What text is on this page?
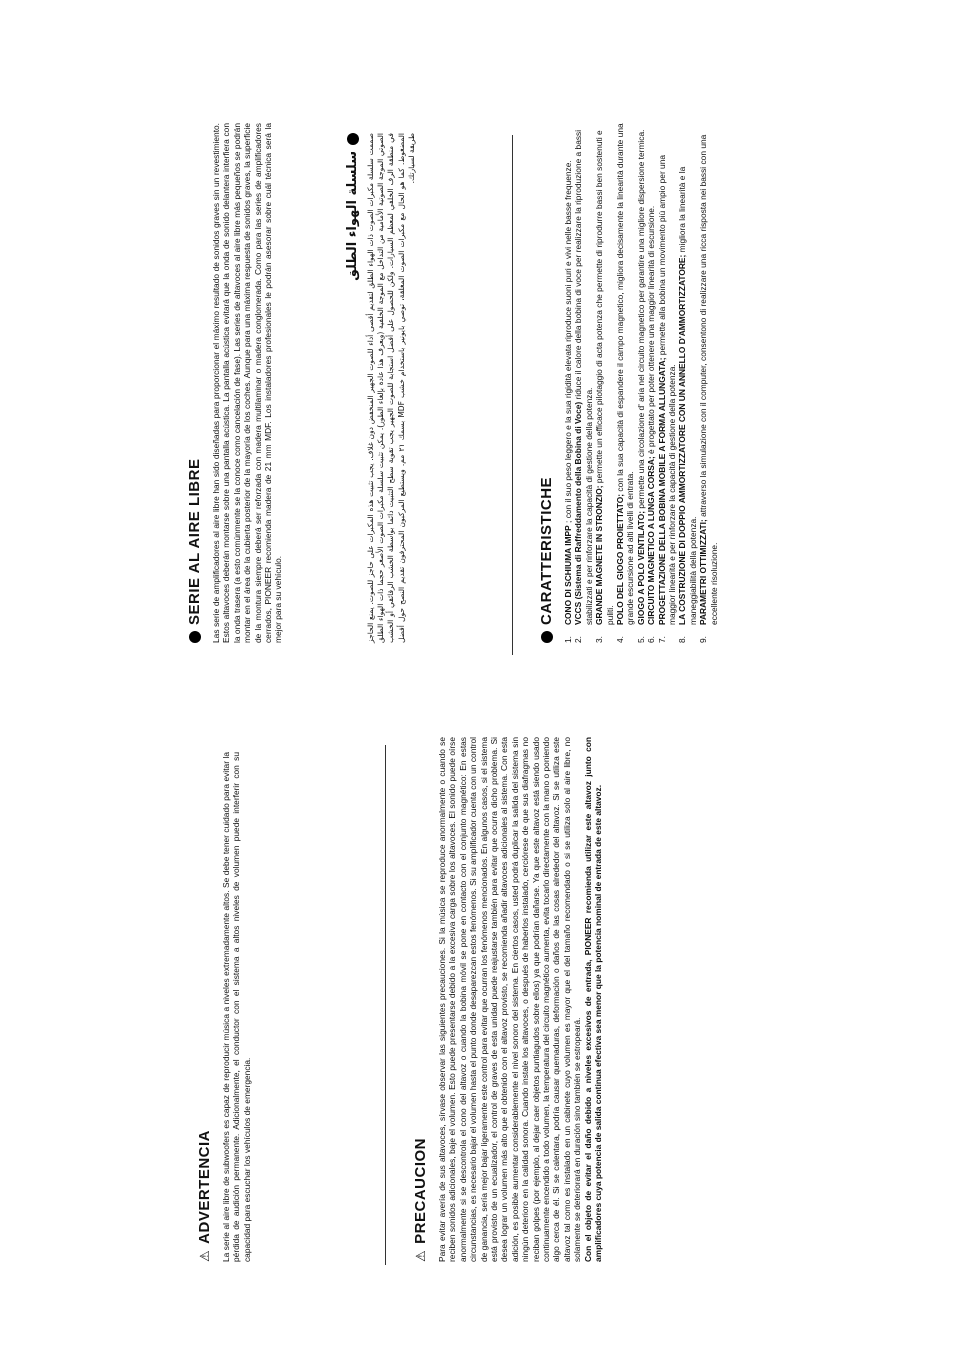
⚠
ADVERTENCIA La serie al aire libre de subwoofers es capaz de reproducir música a niveles extremadamente altos. Se debe tener cuidado para evitar la pérdida de audición permanente. Adicionalmente, el conductor con el sistema a altos niveles de volumen puede interferir con su capacidad para escuchar los vehículos de emergencia.	⚠
PRECAUCION Para evitar avería de sus altavoces, sírvase observar las siguientes precauciones. Si la música se reproduce anormalmente o cuando se reciben sonidos adicionales, baje el volumen. Esto puede presentarse debido a la excesiva carga sobre los altavoces. El sonido puede oírse anormalmente si se descontrola el cono del altavoz o cuando la bobina móvil se pone en contacto con el conjunto magnético: En estas circunstancias, es necesario bajar el volumen hasta el punto donde desaparezcan estos fenómenos. Si su amplificador cuenta con un control de ganancia, sería mejor bajar ligeramente este control para evitar que ocurran los fenómenos mencionados. En algunos casos, si el sistema está provisto de un ecualizador, el control de graves de esta unidad puede reajustarse también para evitar que ocurra dicho problema. Si desea lograr un volumen más alto que el obtenido con el altavoz provisto, se recomienda añadir altavoces adicionales al sistema. Con esta adición, es posible aumentar considerablemente el nivel sonoro del sistema. En ciertos casos, usted podrá duplicar la salida del sistema sin ningún deterioro en la calidad sonora. Cuando instale los altavoces, o después de haberlos instalado, cerciórese de que sus diafragmas no reciban golpes (por ejemplo, al dejar caer objetos puntiagudos sobre ellos) ya que podrían dañarse. Ya que este altavoz está siendo usado continuamente encendido a todo volumen, la temperatura del circuito magnético aumenta, evita tocarlo directamente con la mano o poniendo algo cerca de él. Si se calentara, podría causar quemaduras, deformación o daños de las cosas alrededor del altavoz. Si se utiliza este altavoz tal como es instalado en un cabinete cuyo volumen es mayor que el del tamaño recomendado o si se utiliza solo al aire libre, no solamente se deteriorará en duración sino también se estropeará. Con el objeto de evitar el daño debido a niveles excesivos de entrada, PIONEER recomienda utilizar este altavoz junto con amplificadores cuya potencia de salida continua efectiva sea menor que la potencia nominal de entrada de este altavoz.
SERIE AL AIRE LIBRE Las serie de amplificadores al aire libre han sido diseñadas para proporcionar el máximo resultado de sonidos graves sin un revestimiento. Estos altavoces deberán montarse sobre una pantalla acústica. La pantalla acústica evitará que la onda de sonido delantera interfiera con la onda trasera (a esto comúnmente se la conoce como cancelación de fase). Las series de altavoces al aire libre más pequeños se podrán montar en el área de la cubierta posterior de la mayoría de los coches. Aunque para una máxima respuesta de sonidos graves, la superficie de la montura siempre deberá ser reforzada con madera multilaminar o madera conglomerada. Como para las series de amplificadores cerrados, PIONEER recomienda madera de 21 mm MDF. Los instaladores profesionales le podrán asesorar sobre cuál técnica será la mejor para su vehículo.
سلسلة الهواء الطلق صممت سلسلة مكبرات الصوت ذات الهواء الطلق لتقديم أقصى أداء للصوت الجهير المنخفض دون غلاف. يجب تثبيت هذه المكبرات على حاجز للصوت. يمنع الحاجز الصوتي الموجة الصوتية الأمامية من التداخل مع الموجة الخلفية (ويعرف هذا عادة بإلغاء الطور). يمكن تثبيت سلسلة مكبرات الصوت الأصغر حجما ذات الهواء الطلق في منطقة الرف الخلفي لمعظم السيارات. ولكن للحصول على أفضل استجابة للصوت الجهير يجب تقوية سطح التثبيت دائما بواسطة الخشب الرقائقي أو الخشب المضغوط. كما هو الحال مع مكبرات الصوت المغلقة، توصي بايونير باستخدام خشب MDF بسمك ٢١ مم. ويستطيع المركبون المحترفون تقديم النصح حول أفضل طريقة لسيارتك.
CARATTERISTICHE
1.
CONO DI SCHIUMA IMPP ; con il suo peso leggero e la sua rigidità elevata riproduce suoni puri e vivi nelle basse frequenze.
2.
VCCS (Sistema di Raffreddamento della Bobina di Voce) riduce il calore della bobina di voce per realizzare la riproduzione a bassi stabilizzati e per rinforzare la capacità di gestione della potenza.
3.
GRANDE MAGNETE IN STRONZIO; permette un efficace pilotaggio di acta potenza che permette di riprodurre bassi ben sostenuti e puliti.
4.
POLO DEL GIOGO PROIETTATO; con la sua capacità di espandere il campo magnetico, migliora decisamente la linearità durante una grande escursione ad alti livelli di entrata.
5.
GIOGO A POLO VENTILATO; permette una circolazione d' aria nel circuito magnetico per garantire una migliore dispersione termica.
6.
CIRCUITO MAGNETICO A LUNGA CORSA; è progettato per poter ottenere una maggior linearità di escursione.
7.
PROGETTAZIONE DELLA BOBINA MOBILE A FORMA ALLUNGATA; permette alla bobina un movimento più ampio per una maggior linearità e per rinforzare la capacità di gestione della potenza.
8.
LA COSTRUZIONE DI DOPPIO AMMORTIZZATORE CON UN ANNELLO D'AMMORTIZZATORE; migliora la linearità e la maneggiabilità della potenza.
9.
PARAMETRI OTTIMIZZATI; attraverso la simulazione con il computer, consentono di realizzare una ricca risposta nei bassi con una eccellente risoluzione.
